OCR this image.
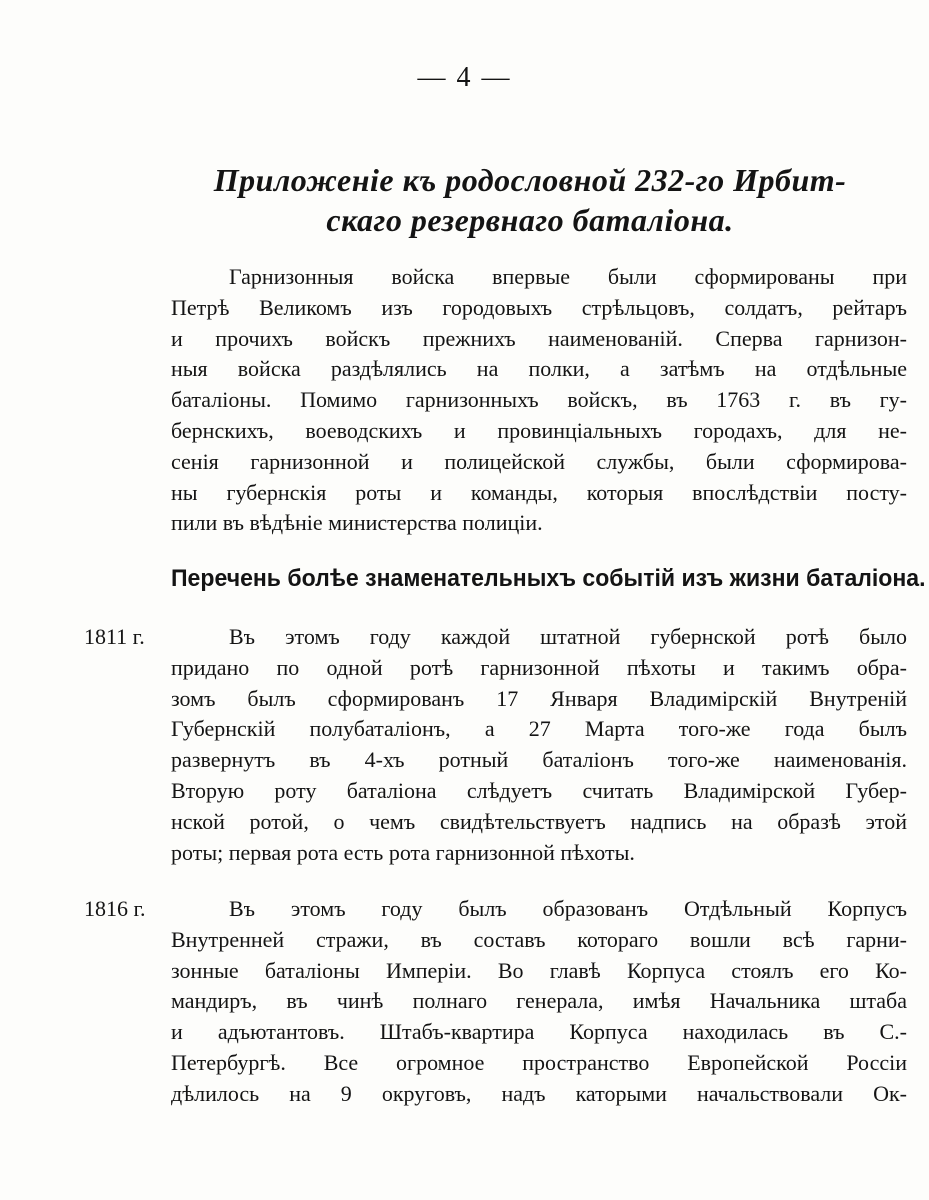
— 4 —
Приложеніе къ родословной 232-го Ирбит-
скаго резервнаго баталіона.
Гарнизонныя войска впервые были сформированы при
Петрѣ Великомъ изъ городовыхъ стрѣльцовъ, солдатъ, рейтаръ
и прочихъ войскъ прежнихъ наименованій. Сперва гарнизон-
ныя войска раздѣлялись на полки, а затѣмъ на отдѣльные
баталіоны. Помимо гарнизонныхъ войскъ, въ 1763 г. въ гу-
бернскихъ, воеводскихъ и провинціальныхъ городахъ, для не-
сенія гарнизонной и полицейской службы, были сформирова-
ны губернскія роты и команды, которыя впослѣдствіи посту-
пили въ вѣдѣніе министерства полиціи.
Перечень болѣе знаменательныхъ событій изъ жизни баталіона.
1811 г.	Въ этомъ году каждой штатной губернской ротѣ было
придано по одной ротѣ гарнизонной пѣхоты и такимъ обра-
зомъ былъ сформированъ 17 Января Владимірскій Внутреній
Губернскій полубаталіонъ, а 27 Марта того-же года былъ
развернутъ въ 4-хъ ротный баталіонъ того-же наименованія.
Вторую роту баталіона слѣдуетъ считать Владимірской Губер-
нской ротой, о чемъ свидѣтельствуетъ надпись на образѣ этой
роты; первая рота есть рота гарнизонной пѣхоты.
1816 г.	Въ этомъ году былъ образованъ Отдѣльный Корпусъ
Внутренней стражи, въ составъ котораго вошли всѣ гарни-
зонные баталіоны Имперіи. Во главѣ Корпуса стоялъ его Ко-
мандиръ, въ чинѣ полнаго генерала, имѣя Начальника штаба
и адъютантовъ. Штабъ-квартира Корпуса находилась въ С.-
Петербургѣ. Все огромное пространство Европейской Россіи
дѣлилось на 9 округовъ, надъ каторыми начальствовали Ок-
